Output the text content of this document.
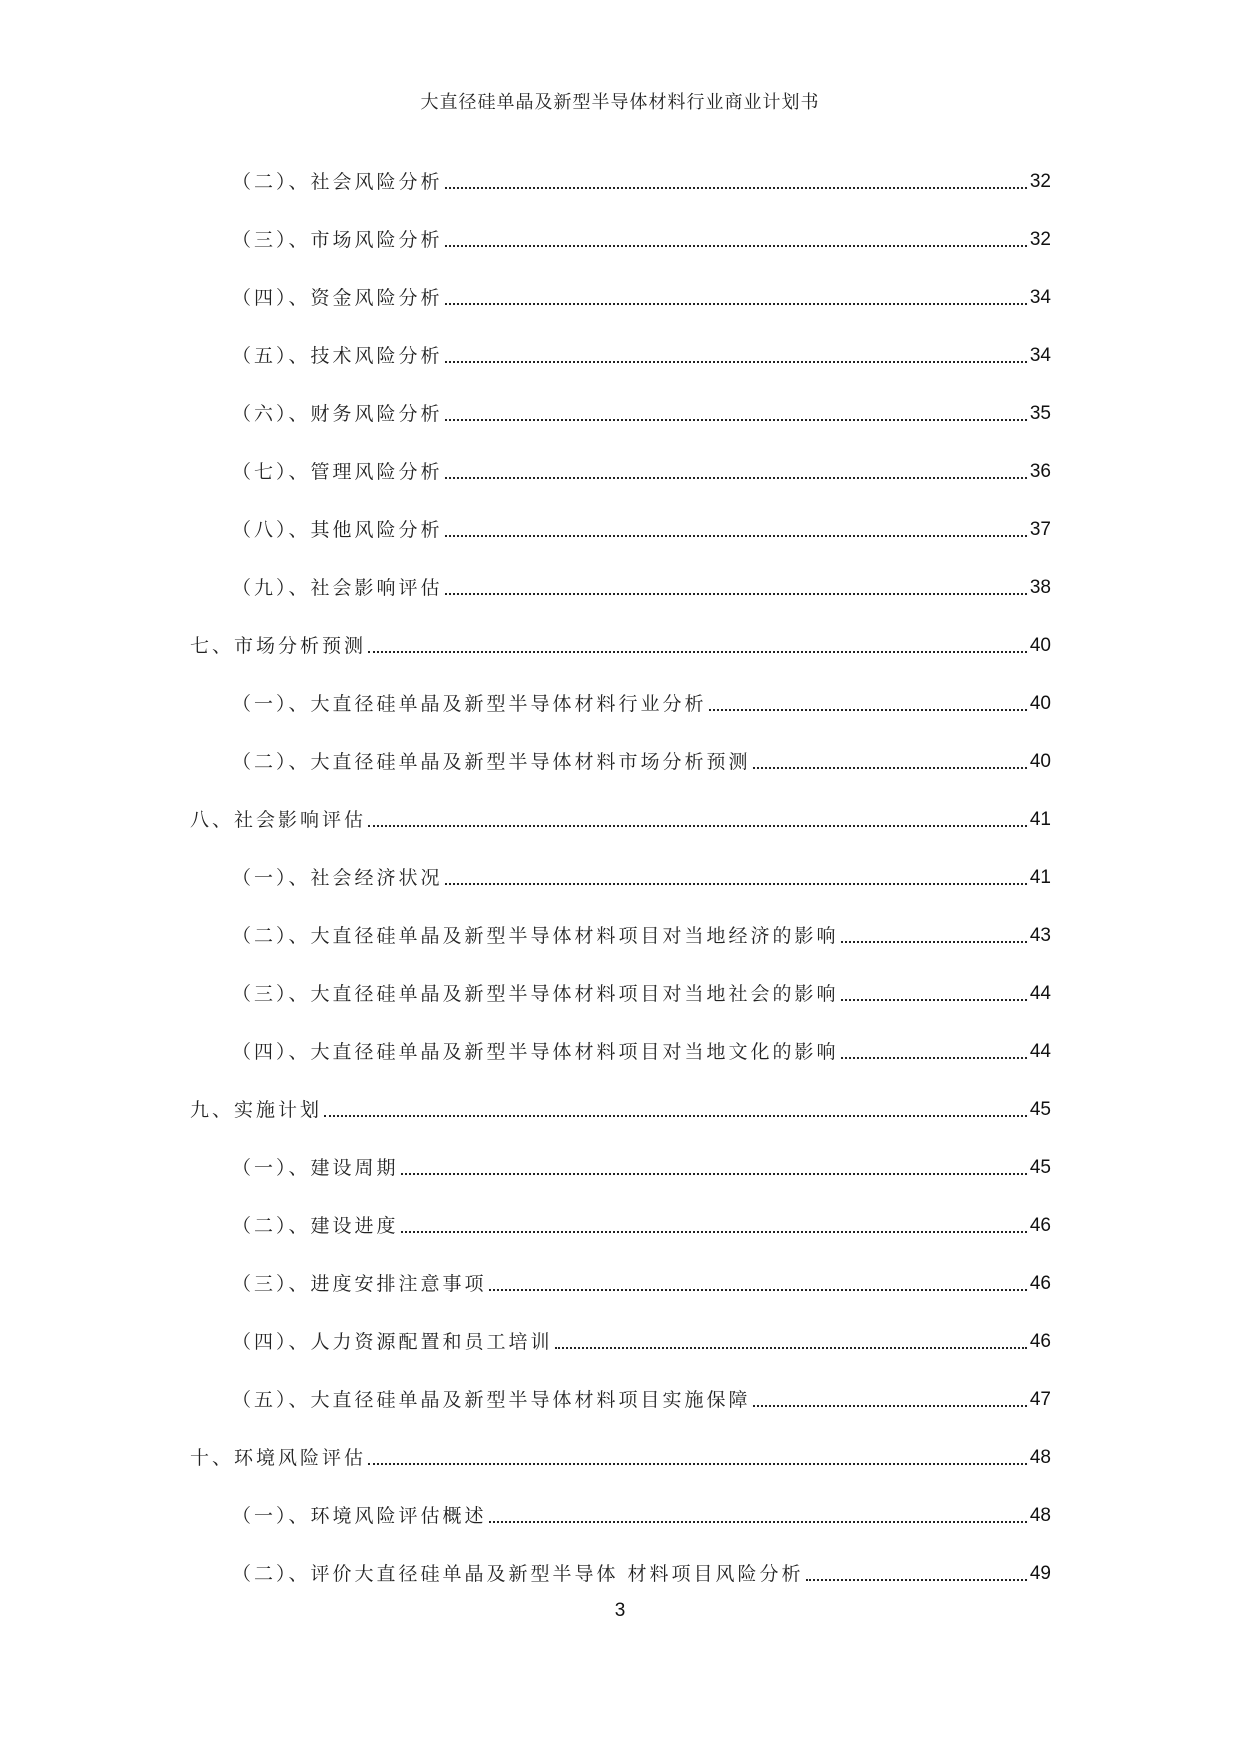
大直径硅单晶及新型半导体材料行业商业计划书
（二）、社会风险分析	32
（三）、市场风险分析	32
（四）、资金风险分析	34
（五）、技术风险分析	34
（六）、财务风险分析	35
（七）、管理风险分析	36
（八）、其他风险分析	37
（九）、社会影响评估	38
七、市场分析预测	40
（一）、大直径硅单晶及新型半导体材料行业分析	40
（二）、大直径硅单晶及新型半导体材料市场分析预测	40
八、社会影响评估	41
（一）、社会经济状况	41
（二）、大直径硅单晶及新型半导体材料项目对当地经济的影响	43
（三）、大直径硅单晶及新型半导体材料项目对当地社会的影响	44
（四）、大直径硅单晶及新型半导体材料项目对当地文化的影响	44
九、实施计划	45
（一）、建设周期	45
（二）、建设进度	46
（三）、进度安排注意事项	46
（四）、人力资源配置和员工培训	46
（五）、大直径硅单晶及新型半导体材料项目实施保障	47
十、环境风险评估	48
（一）、环境风险评估概述	48
（二）、评价大直径硅单晶及新型半导体 材料项目风险分析	49
3
